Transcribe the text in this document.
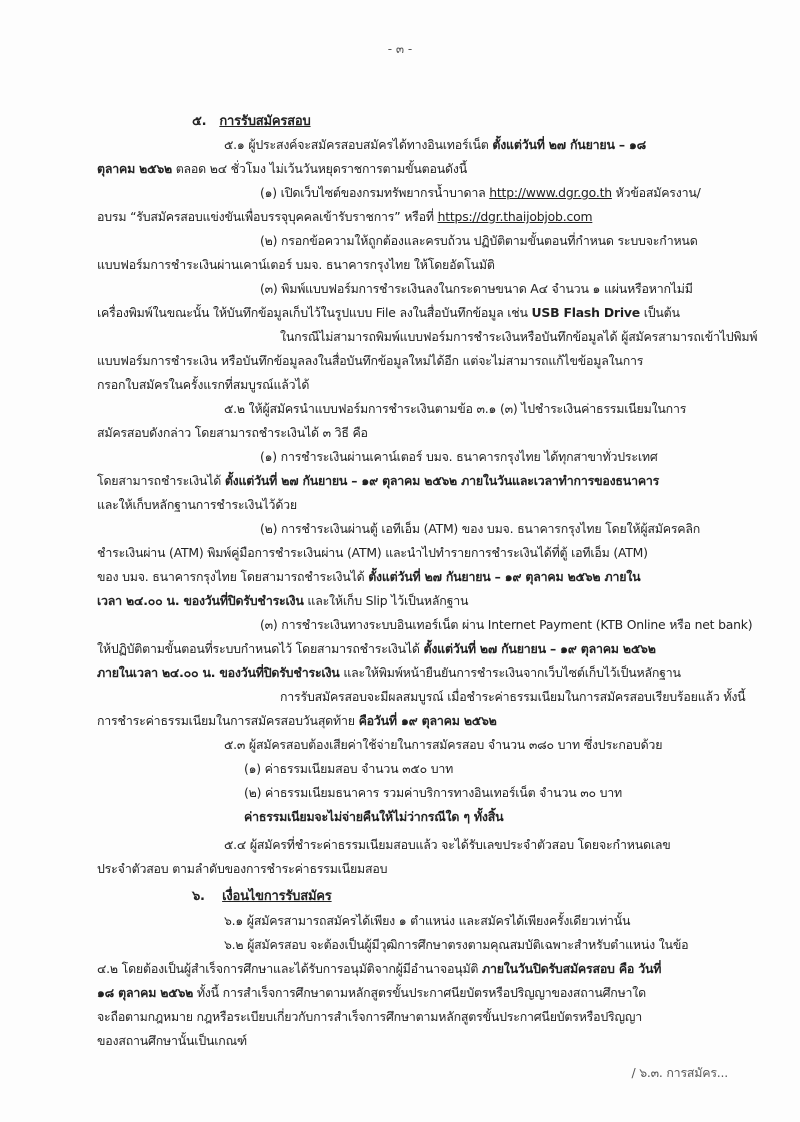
- ๓ -
๕. การรับสมัครสอบ
๕.๑ ผู้ประสงค์จะสมัครสอบสมัครได้ทางอินเทอร์เน็ต ตั้งแต่วันที่ ๒๗ กันยายน – ๑๘
ตุลาคม ๒๕๖๒ ตลอด ๒๔ ชั่วโมง ไม่เว้นวันหยุดราชการตามขั้นตอนดังนี้
(๑) เปิดเว็บไซต์ของกรมทรัพยากรน้ำบาดาล http://www.dgr.go.th หัวข้อสมัครงาน/
อบรม “รับสมัครสอบแข่งขันเพื่อบรรจุบุคคลเข้ารับราชการ” หรือที่ https://dgr.thaijobjob.com
(๒) กรอกข้อความให้ถูกต้องและครบถ้วน ปฏิบัติตามขั้นตอนที่กำหนด ระบบจะกำหนด
แบบฟอร์มการชำระเงินผ่านเคาน์เตอร์ บมจ. ธนาคารกรุงไทย ให้โดยอัตโนมัติ
(๓) พิมพ์แบบฟอร์มการชำระเงินลงในกระดาษขนาด A๔ จำนวน ๑ แผ่นหรือหากไม่มี
เครื่องพิมพ์ในขณะนั้น ให้บันทึกข้อมูลเก็บไว้ในรูปแบบ File ลงในสื่อบันทึกข้อมูล เช่น USB Flash Drive เป็นต้น
ในกรณีไม่สามารถพิมพ์แบบฟอร์มการชำระเงินหรือบันทึกข้อมูลได้ ผู้สมัครสามารถเข้าไปพิมพ์
แบบฟอร์มการชำระเงิน หรือบันทึกข้อมูลลงในสื่อบันทึกข้อมูลใหม่ได้อีก แต่จะไม่สามารถแก้ไขข้อมูลในการ
กรอกใบสมัครในครั้งแรกที่สมบูรณ์แล้วได้
๕.๒ ให้ผู้สมัครนำแบบฟอร์มการชำระเงินตามข้อ ๓.๑ (๓) ไปชำระเงินค่าธรรมเนียมในการ
สมัครสอบดังกล่าว โดยสามารถชำระเงินได้ ๓ วิธี คือ
(๑) การชำระเงินผ่านเคาน์เตอร์ บมจ. ธนาคารกรุงไทย ได้ทุกสาขาทั่วประเทศ
โดยสามารถชำระเงินได้ ตั้งแต่วันที่ ๒๗ กันยายน – ๑๙ ตุลาคม ๒๕๖๒ ภายในวันและเวลาทำการของธนาคาร
และให้เก็บหลักฐานการชำระเงินไว้ด้วย
(๒) การชำระเงินผ่านตู้ เอทีเอ็ม (ATM) ของ บมจ. ธนาคารกรุงไทย โดยให้ผู้สมัครคลิก
ชำระเงินผ่าน (ATM) พิมพ์คู่มือการชำระเงินผ่าน (ATM) และนำไปทำรายการชำระเงินได้ที่ตู้ เอทีเอ็ม (ATM)
ของ บมจ. ธนาคารกรุงไทย โดยสามารถชำระเงินได้ ตั้งแต่วันที่ ๒๗ กันยายน – ๑๙ ตุลาคม ๒๕๖๒ ภายใน
เวลา ๒๔.๐๐ น. ของวันที่ปิดรับชำระเงิน และให้เก็บ Slip ไว้เป็นหลักฐาน
(๓) การชำระเงินทางระบบอินเทอร์เน็ต ผ่าน Internet Payment (KTB Online หรือ net bank)
ให้ปฏิบัติตามขั้นตอนที่ระบบกำหนดไว้ โดยสามารถชำระเงินได้ ตั้งแต่วันที่ ๒๗ กันยายน – ๑๙ ตุลาคม ๒๕๖๒
ภายในเวลา ๒๔.๐๐ น. ของวันที่ปิดรับชำระเงิน และให้พิมพ์หน้ายืนยันการชำระเงินจากเว็บไซต์เก็บไว้เป็นหลักฐาน
การรับสมัครสอบจะมีผลสมบูรณ์ เมื่อชำระค่าธรรมเนียมในการสมัครสอบเรียบร้อยแล้ว ทั้งนี้
การชำระค่าธรรมเนียมในการสมัครสอบวันสุดท้าย คือวันที่ ๑๙ ตุลาคม ๒๕๖๒
๕.๓ ผู้สมัครสอบต้องเสียค่าใช้จ่ายในการสมัครสอบ จำนวน ๓๘๐ บาท ซึ่งประกอบด้วย
(๑) ค่าธรรมเนียมสอบ จำนวน ๓๕๐ บาท
(๒) ค่าธรรมเนียมธนาคาร รวมค่าบริการทางอินเทอร์เน็ต จำนวน ๓๐ บาท
ค่าธรรมเนียมจะไม่จ่ายคืนให้ไม่ว่ากรณีใด ๆ ทั้งสิ้น
๕.๔ ผู้สมัครที่ชำระค่าธรรมเนียมสอบแล้ว จะได้รับเลขประจำตัวสอบ โดยจะกำหนดเลข
ประจำตัวสอบ ตามลำดับของการชำระค่าธรรมเนียมสอบ
๖. เงื่อนไขการรับสมัคร
๖.๑ ผู้สมัครสามารถสมัครได้เพียง ๑ ตำแหน่ง และสมัครได้เพียงครั้งเดียวเท่านั้น
๖.๒ ผู้สมัครสอบ จะต้องเป็นผู้มีวุฒิการศึกษาตรงตามคุณสมบัติเฉพาะสำหรับตำแหน่ง ในข้อ
๔.๒ โดยต้องเป็นผู้สำเร็จการศึกษาและได้รับการอนุมัติจากผู้มีอำนาจอนุมัติ ภายในวันปิดรับสมัครสอบ คือ วันที่
๑๘ ตุลาคม ๒๕๖๒ ทั้งนี้ การสำเร็จการศึกษาตามหลักสูตรขั้นประกาศนียบัตรหรือปริญญาของสถานศึกษาใด
จะถือตามกฎหมาย กฎหรือระเบียบเกี่ยวกับการสำเร็จการศึกษาตามหลักสูตรขั้นประกาศนียบัตรหรือปริญญา
ของสถานศึกษานั้นเป็นเกณฑ์
/ ๖.๓. การสมัคร...
